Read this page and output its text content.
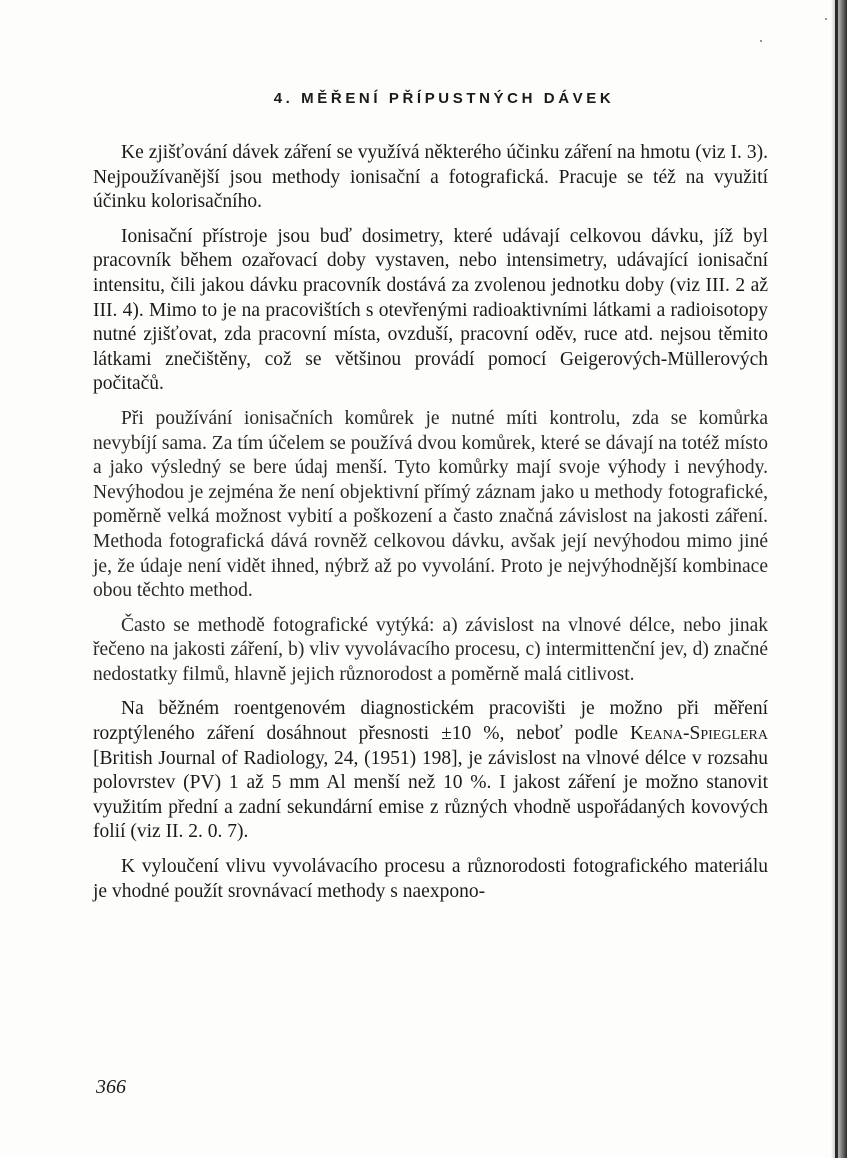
4. MĚŘENÍ PŘÍPUSTNÝCH DÁVEK

Ke zjišťování dávek záření se využívá některého účinku záření na hmotu (viz I. 3). Nejpoužívanější jsou methody ionisační a fotografická. Pracuje se též na využití účinku kolorisačního.

Ionisační přístroje jsou buď dosimetry, které udávají celkovou dávku, jíž byl pracovník během ozařovací doby vystaven, nebo intensimetry, udávající ionisační intensitu, čili jakou dávku pracovník dostává za zvolenou jednotku doby (viz III. 2 až III. 4). Mimo to je na pracovištích s otevřenými radioaktivními látkami a radioisotopy nutné zjišťovat, zda pracovní místa, ovzduší, pracovní oděv, ruce atd. nejsou těmito látkami znečištěny, což se většinou provádí pomocí Geigerových-Müllerových počitačů.

Při používání ionisačních komůrek je nutné míti kontrolu, zda se komůrka nevybíjí sama. Za tím účelem se používá dvou komůrek, které se dávají na totéž místo a jako výsledný se bere údaj menší. Tyto komůrky mají svoje výhody i nevýhody. Nevýhodou je zejména že není objektivní přímý záznam jako u methody fotografické, poměrně velká možnost vybití a poškození a často značná závislost na jakosti záření. Methoda fotografická dává rovněž celkovou dávku, avšak její nevýhodou mimo jiné je, že údaje není vidět ihned, nýbrž až po vyvolání. Proto je nejvýhodnější kombinace obou těchto method.

Často se methodě fotografické vytýká: a) závislost na vlnové délce, nebo jinak řečeno na jakosti záření, b) vliv vyvolávacího procesu, c) intermittenční jev, d) značné nedostatky filmů, hlavně jejich různorodost a poměrně malá citlivost.

Na běžném roentgenovém diagnostickém pracovišti je možno při měření rozptýleného záření dosáhnout přesnosti ±10 %, neboť podle Keana-Spieglera [British Journal of Radiology, 24, (1951) 198], je závislost na vlnové délce v rozsahu polovrstev (PV) 1 až 5 mm Al menší než 10 %. I jakost záření je možno stanovit využitím přední a zadní sekundární emise z různých vhodně uspořádaných kovových folií (viz II. 2. 0. 7).

K vyloučení vlivu vyvolávacího procesu a různorodosti fotografického materiálu je vhodné použít srovnávací methody s naexpono-

366
